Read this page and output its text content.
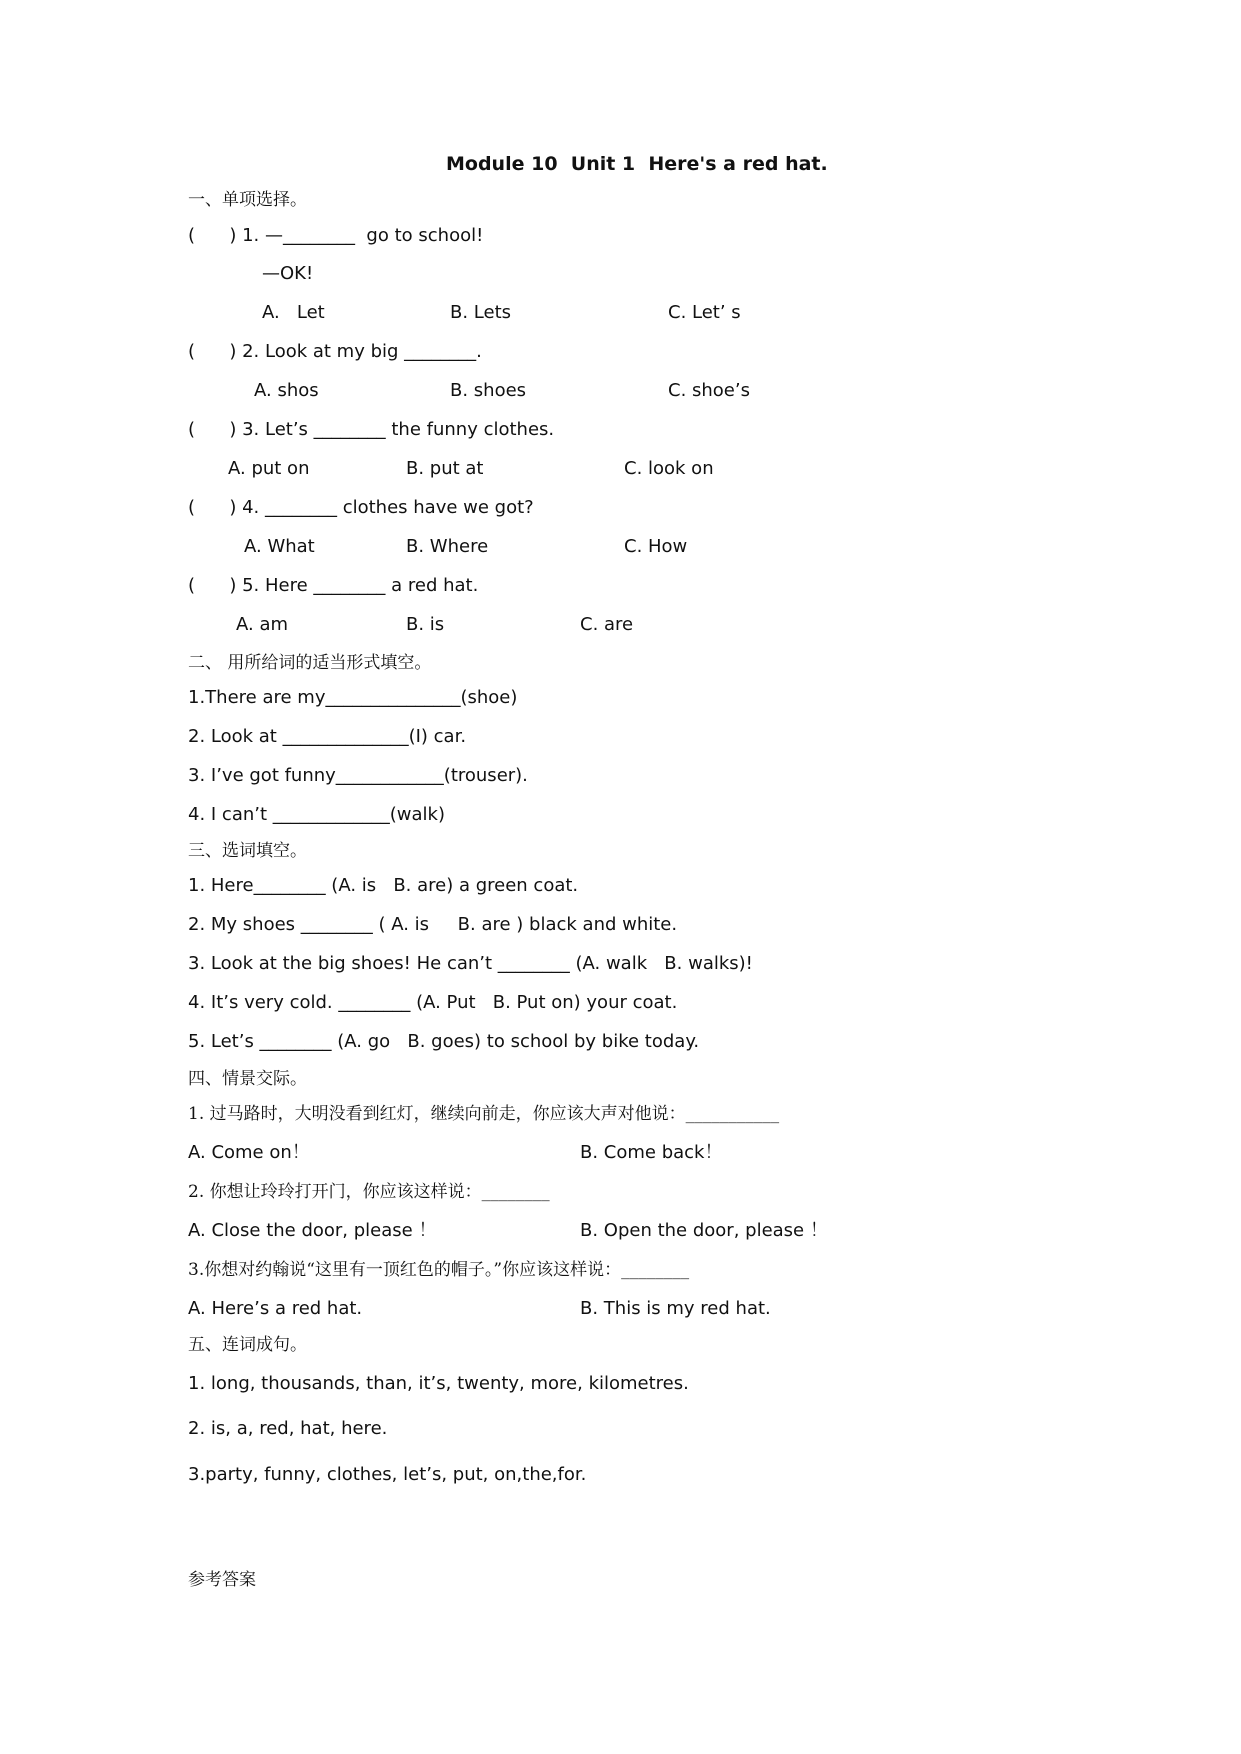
Module 10  Unit 1  Here's a red hat.
一、单项选择。
(      ) 1. —________  go to school!
—OK!
A.   Let	B. Lets	C. Let’ s
(      ) 2. Look at my big ________.
A. shos	B. shoes	C. shoe’s
(      ) 3. Let’s ________ the funny clothes.
A. put on	B. put at	C. look on
(      ) 4. ________ clothes have we got?
A. What	B. Where	C. How
(      ) 5. Here ________ a red hat.
A. am	B. is	C. are
二、 用所给词的适当形式填空。
1.There are my_______________(shoe)
2. Look at ______________(I) car.
3. I’ve got funny____________(trouser).
4. I can’t _____________(walk)
三、选词填空。
1. Here________ (A. is   B. are) a green coat.
2. My shoes ________ ( A. is     B. are ) black and white.
3. Look at the big shoes! He can’t ________ (A. walk   B. walks)!
4. It’s very cold. ________ (A. Put   B. Put on) your coat.
5. Let’s ________ (A. go   B. goes) to school by bike today.
四、情景交际。
1. 过马路时，大明没看到红灯，继续向前走，你应该大声对他说：___________
A. Come on！	B. Come back！
2. 你想让玲玲打开门，你应该这样说：________
A. Close the door, please ！	B. Open the door, please ！
3.你想对约翰说“这里有一顶红色的帽子。”你应该这样说：________
A. Here’s a red hat.	B. This is my red hat.
五、连词成句。
1. long, thousands, than, it’s, twenty, more, kilometres.
2. is, a, red, hat, here.
3.party, funny, clothes, let’s, put, on,the,for.
参考答案
